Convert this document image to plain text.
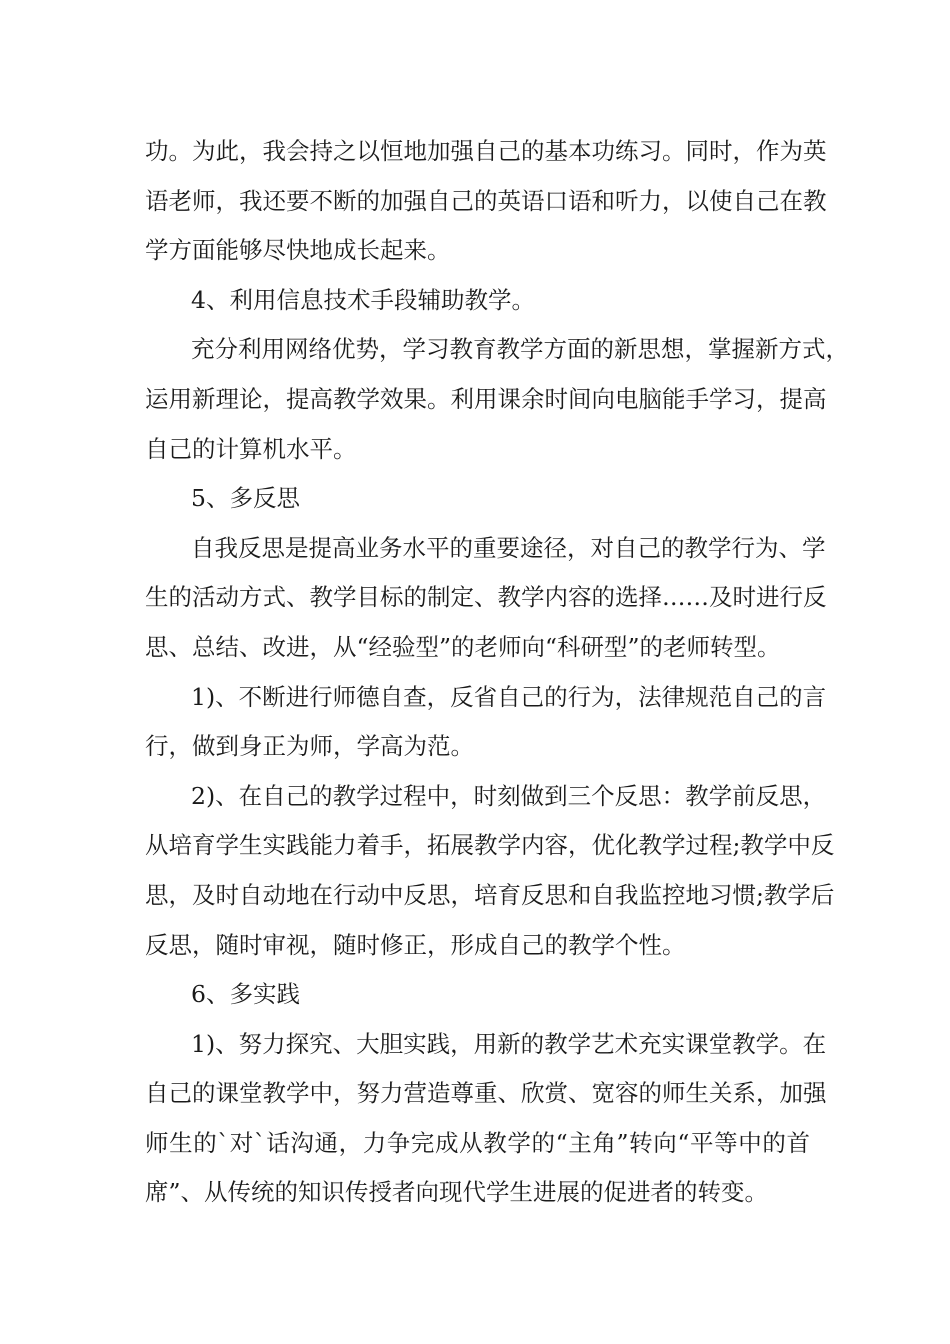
功。为此，我会持之以恒地加强自己的基本功练习。同时，作为英
语老师，我还要不断的加强自己的英语口语和听力，以使自己在教
学方面能够尽快地成长起来。
4、利用信息技术手段辅助教学。
充分利用网络优势，学习教育教学方面的新思想，掌握新方式，
运用新理论，提高教学效果。利用课余时间向电脑能手学习，提高
自己的计算机水平。
5、多反思
自我反思是提高业务水平的重要途径，对自己的教学行为、学
生的活动方式、教学目标的制定、教学内容的选择……及时进行反
思、总结、改进，从“经验型”的老师向“科研型”的老师转型。
1)、不断进行师德自查，反省自己的行为，法律规范自己的言
行，做到身正为师，学高为范。
2)、在自己的教学过程中，时刻做到三个反思：教学前反思，
从培育学生实践能力着手，拓展教学内容，优化教学过程;教学中反
思，及时自动地在行动中反思，培育反思和自我监控地习惯;教学后
反思，随时审视，随时修正，形成自己的教学个性。
6、多实践
1)、努力探究、大胆实践，用新的教学艺术充实课堂教学。在
自己的课堂教学中，努力营造尊重、欣赏、宽容的师生关系，加强
师生的`对`话沟通，力争完成从教学的“主角”转向“平等中的首
席”、从传统的知识传授者向现代学生进展的促进者的转变。
